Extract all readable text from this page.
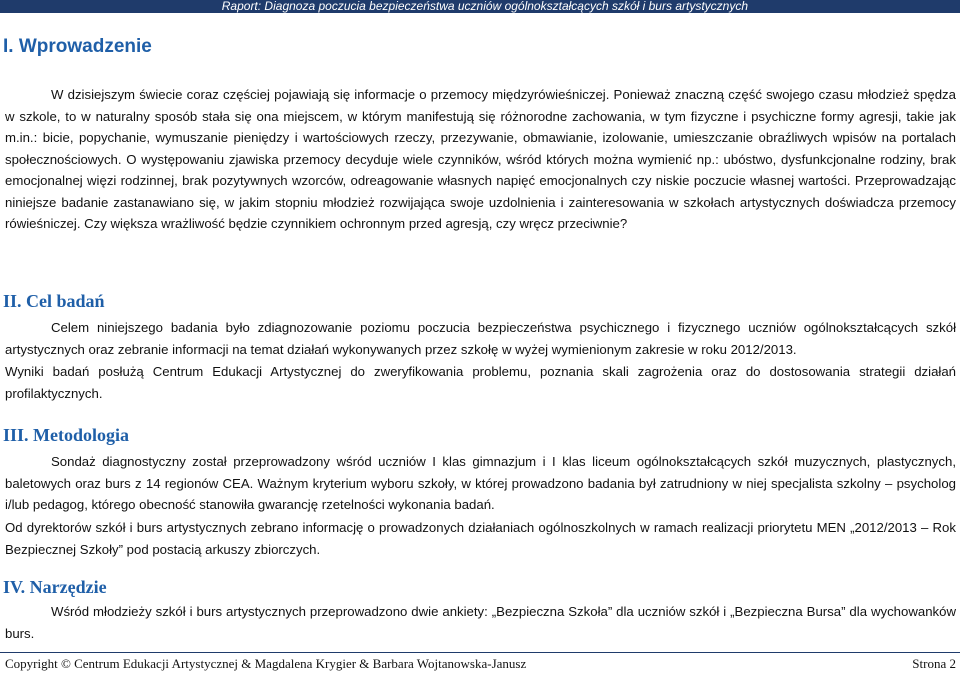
Raport: Diagnoza poczucia bezpieczeństwa uczniów ogólnokształcących szkół i burs artystycznych
I. Wprowadzenie

W dzisiejszym świecie coraz częściej pojawiają się informacje o przemocy międzyrówieśniczej. Ponieważ znaczną część swojego czasu młodzież spędza w szkole, to w naturalny sposób stała się ona miejscem, w którym manifestują się różnorodne zachowania, w tym fizyczne i psychiczne formy agresji, takie jak m.in.: bicie, popychanie, wymuszanie pieniędzy i wartościowych rzeczy, przezywanie, obmawianie, izolowanie, umieszczanie obraźliwych wpisów na portalach społecznościowych. O występowaniu zjawiska przemocy decyduje wiele czynników, wśród których można wymienić np.: ubóstwo, dysfunkcjonalne rodziny, brak emocjonalnej więzi rodzinnej, brak pozytywnych wzorców, odreagowanie własnych napięć emocjonalnych czy niskie poczucie własnej wartości. Przeprowadzając niniejsze badanie zastanawiano się, w jakim stopniu młodzież rozwijająca swoje uzdolnienia i zainteresowania w szkołach artystycznych doświadcza przemocy rówieśniczej. Czy większa wrażliwość będzie czynnikiem ochronnym przed agresją, czy wręcz przeciwnie?

II. Cel badań

Celem niniejszego badania było zdiagnozowanie poziomu poczucia bezpieczeństwa psychicznego i fizycznego uczniów ogólnokształcących szkół artystycznych oraz zebranie informacji na temat działań wykonywanych przez szkołę w wyżej wymienionym zakresie w roku 2012/2013.

Wyniki badań posłużą Centrum Edukacji Artystycznej do zweryfikowania problemu, poznania skali zagrożenia oraz do dostosowania strategii działań profilaktycznych.

III. Metodologia

Sondaż diagnostyczny został przeprowadzony wśród uczniów I klas gimnazjum i I klas liceum ogólnokształcących szkół muzycznych, plastycznych, baletowych oraz burs z 14 regionów CEA. Ważnym kryterium wyboru szkoły, w której prowadzono badania był zatrudniony w niej specjalista szkolny – psycholog i/lub pedagog, którego obecność stanowiła gwarancję rzetelności wykonania badań.

Od dyrektorów szkół i burs artystycznych zebrano informację o prowadzonych działaniach ogólnoszkolnych w ramach realizacji priorytetu MEN „2012/2013 – Rok Bezpiecznej Szkoły” pod postacią arkuszy zbiorczych.

IV. Narzędzie

Wśród młodzieży szkół i burs artystycznych przeprowadzono dwie ankiety: „Bezpieczna Szkoła” dla uczniów szkół i „Bezpieczna Bursa” dla wychowanków burs.

Copyright © Centrum Edukacji Artystycznej & Magdalena Krygier & Barbara Wojtanowska-Janusz	Strona 2
